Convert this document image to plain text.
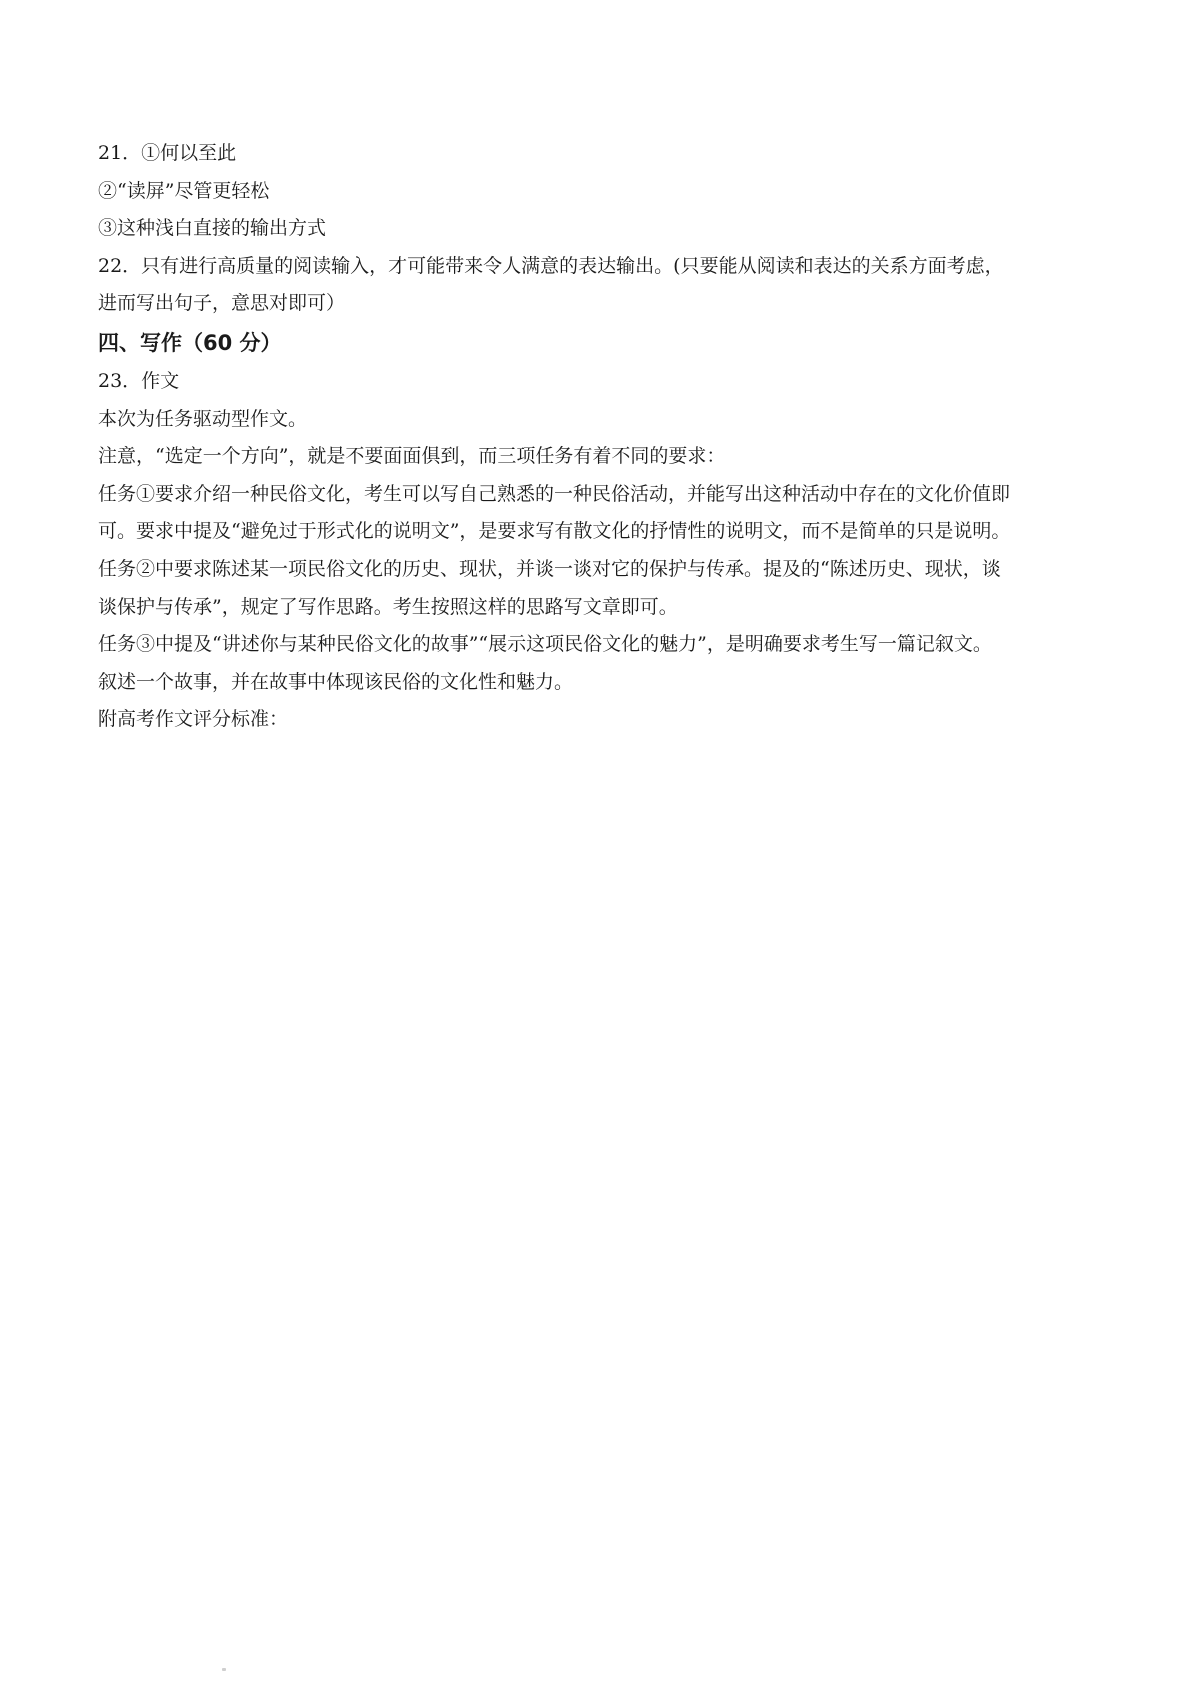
21．①何以至此

②“读屏”尽管更轻松

③这种浅白直接的输出方式

22．只有进行高质量的阅读输入，才可能带来令人满意的表达输出。(只要能从阅读和表达的关系方面考虑，

进而写出句子，意思对即可）

四、写作（60 分）

23．作文

本次为任务驱动型作文。

注意，“选定一个方向”，就是不要面面俱到，而三项任务有着不同的要求：

任务①要求介绍一种民俗文化，考生可以写自己熟悉的一种民俗活动，并能写出这种活动中存在的文化价值即

可。要求中提及“避免过于形式化的说明文”，是要求写有散文化的抒情性的说明文，而不是简单的只是说明。

任务②中要求陈述某一项民俗文化的历史、现状，并谈一谈对它的保护与传承。提及的“陈述历史、现状，谈

谈保护与传承”，规定了写作思路。考生按照这样的思路写文章即可。

任务③中提及“讲述你与某种民俗文化的故事”“展示这项民俗文化的魅力”，是明确要求考生写一篇记叙文。

叙述一个故事，并在故事中体现该民俗的文化性和魅力。

附高考作文评分标准：
